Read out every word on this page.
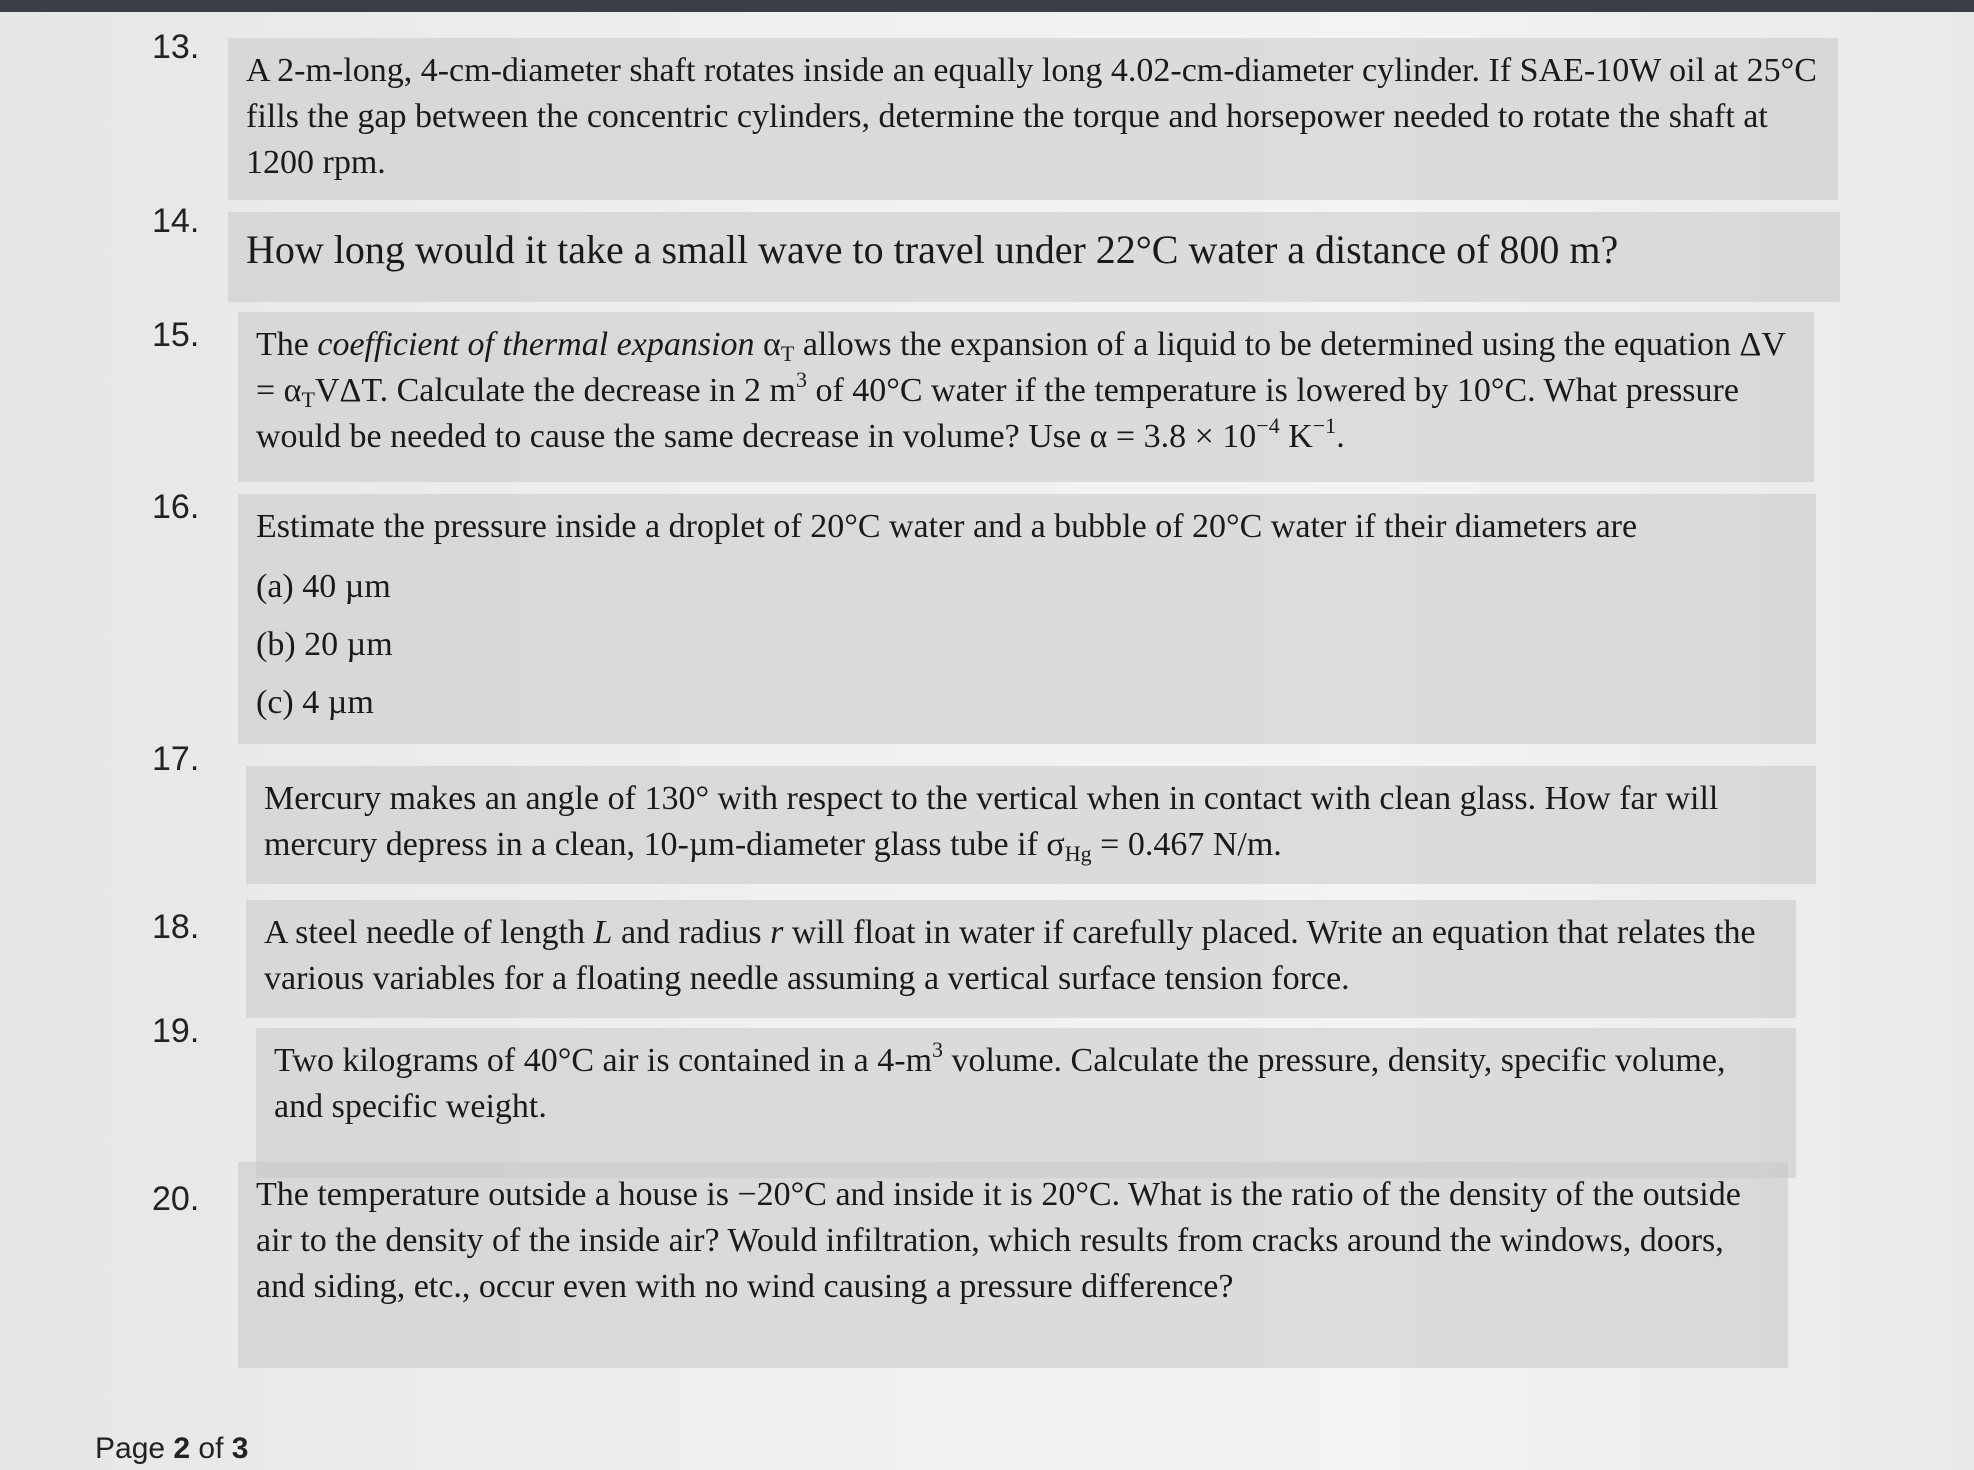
13.

A 2-m-long, 4-cm-diameter shaft rotates inside an equally long 4.02-cm-diameter cylinder. If SAE-10W oil at 25°C fills the gap between the concentric cylinders, determine the torque and horsepower needed to rotate the shaft at 1200 rpm.

14.

How long would it take a small wave to travel under 22°C water a distance of 800 m?

15. The coefficient of thermal expansion $\alpha_T$ allows the expansion of a liquid to be determined using the equation $\Delta V = \alpha_TV\Delta T$. Calculate the decrease in 2 $m^3$ of 40°C water if the temperature is lowered by 10°C. What pressure would be needed to cause the same decrease in volume? Use $\alpha = 3.8 \times 10^{-4}$ $K^{-1}$.

16.

Estimate the pressure inside a droplet of 20°C water and a bubble of 20°C water if their diameters are

(a) 40 µm
(b) 20 µm
(c) 4 µm
17.

Mercury makes an angle of 130° with respect to the vertical when in contact with clean glass. How far will mercury depress in a clean, 10-µm-diameter glass tube if $\sigma_{Hg} = 0.467$ N/m.

18. A steel needle of length L and radius r will float in water if carefully placed. Write an equation that relates the various variables for a floating needle assuming a vertical surface tension force.

19.

Two kilograms of 40°C air is contained in a $4-m^3$ volume. Calculate the pressure, density, specific volume, and specific weight.

20. The temperature outside a house is −20°C and inside it is 20°C. What is the ratio of the density of the outside air to the density of the inside air? Would infiltration, which results from cracks around the windows, doors, and siding, etc., occur even with no wind causing a pressure difference?

Page 2 of 3
